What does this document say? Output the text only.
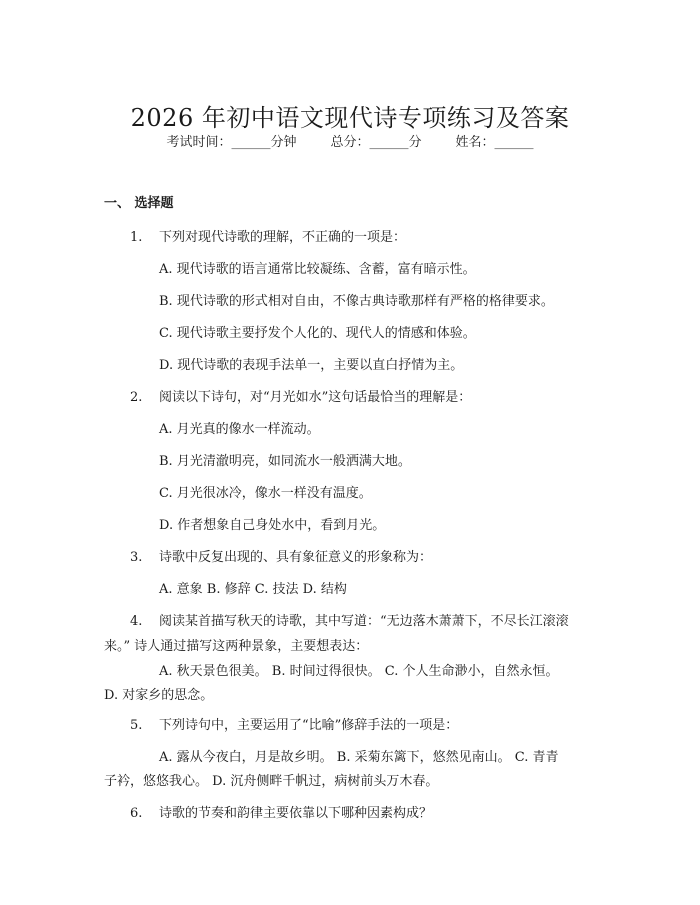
2026 年初中语文现代诗专项练习及答案
考试时间：______分钟	总分：______分	姓名：______
一、 选择题
1. 下列对现代诗歌的理解，不正确的一项是：
A. 现代诗歌的语言通常比较凝练、含蓄，富有暗示性。
B. 现代诗歌的形式相对自由，不像古典诗歌那样有严格的格律要求。
C. 现代诗歌主要抒发个人化的、现代人的情感和体验。
D. 现代诗歌的表现手法单一，主要以直白抒情为主。
2. 阅读以下诗句，对“月光如水”这句话最恰当的理解是：
A. 月光真的像水一样流动。
B. 月光清澈明亮，如同流水一般洒满大地。
C. 月光很冰冷，像水一样没有温度。
D. 作者想象自己身处水中，看到月光。
3. 诗歌中反复出现的、具有象征意义的形象称为：
A. 意象 B. 修辞 C. 技法 D. 结构
4. 阅读某首描写秋天的诗歌，其中写道：“无边落木萧萧下，不尽长江滚滚
来。” 诗人通过描写这两种景象，主要想表达：
A. 秋天景色很美。 B. 时间过得很快。 C. 个人生命渺小，自然永恒。
D. 对家乡的思念。
5. 下列诗句中，主要运用了“比喻”修辞手法的一项是：
A. 露从今夜白，月是故乡明。 B. 采菊东篱下，悠然见南山。 C. 青青
子衿，悠悠我心。 D. 沉舟侧畔千帆过，病树前头万木春。
6. 诗歌的节奏和韵律主要依靠以下哪种因素构成？
